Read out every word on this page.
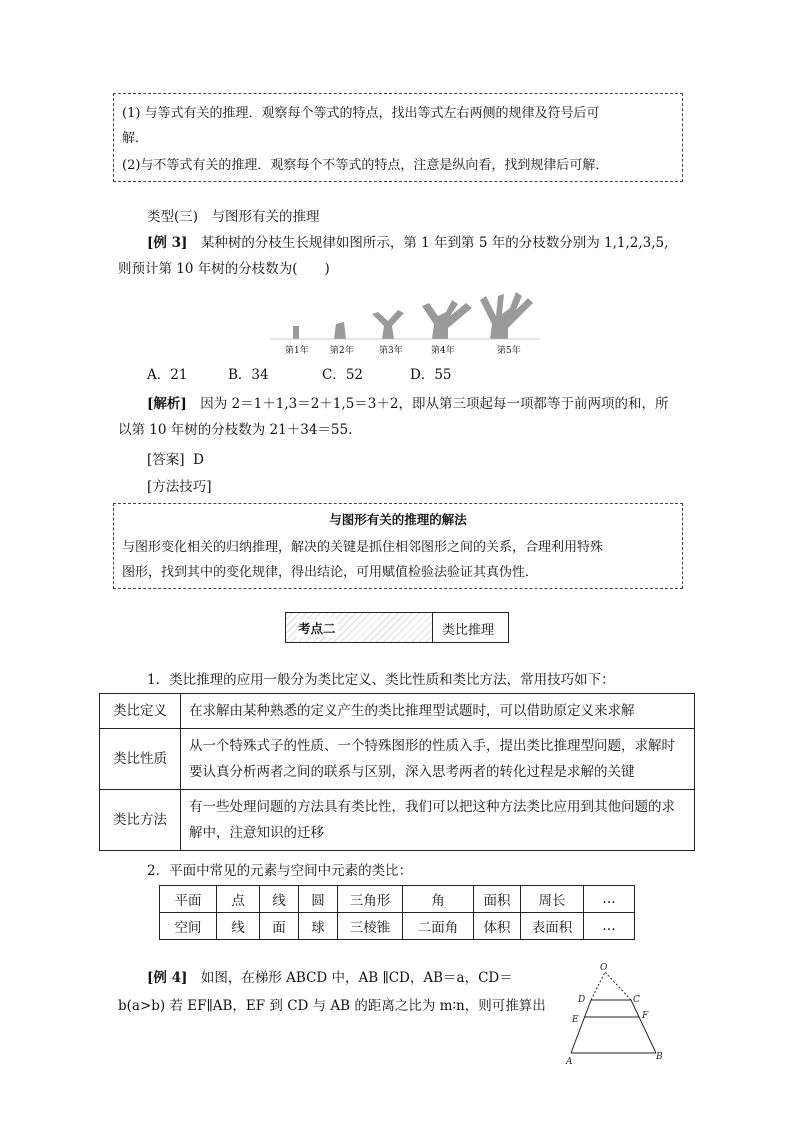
(1) 与等式有关的推理．观察每个等式的特点，找出等式左右两侧的规律及符号后可
解．
(2)与不等式有关的推理．观察每个不等式的特点，注意是纵向看，找到规律后可解．
类型(三)　与图形有关的推理
[例 3]　某种树的分枝生长规律如图所示，第 1 年到第 5 年的分枝数分别为 1,1,2,3,5,
则预计第 10 年树的分枝数为(　　)
第1年 第2年	第3年	第4年	第5年
A．21	B．34	C．52	D．55
[解析]　因为 2＝1＋1,3＝2＋1,5＝3＋2，即从第三项起每一项都等于前两项的和，所
以第 10 年树的分枝数为 21＋34＝55.
[答案] D
[方法技巧]
与图形有关的推理的解法
与图形变化相关的归纳推理，解决的关键是抓住相邻图形之间的关系，合理利用特殊
图形，找到其中的变化规律，得出结论，可用赋值检验法验证其真伪性．
考点二	类比推理
1．类比推理的应用一般分为类比定义、类比性质和类比方法，常用技巧如下：
类比定义	在求解由某种熟悉的定义产生的类比推理型试题时，可以借助原定义来求解
类比性质	从一个特殊式子的性质、一个特殊图形的性质入手，提出类比推理型问题，求解时
要认真分析两者之间的联系与区别，深入思考两者的转化过程是求解的关键

类比方法	有一些处理问题的方法具有类比性，我们可以把这种方法类比应用到其他问题的求
解中，注意知识的迁移
2．平面中常见的元素与空间中元素的类比：
平面	点	线	圆	三角形	角	面积	周长	…
空间	线	面	球	三棱锥	二面角	体积	表面积	…
[例 4]　如图，在梯形 ABCD 中，AB ∥CD，AB＝a，CD＝
b(a>b) 若 EF∥AB，EF 到 CD 与 AB 的距离之比为 m∶n，则可推算出
O
D	C
E	F
A	B
